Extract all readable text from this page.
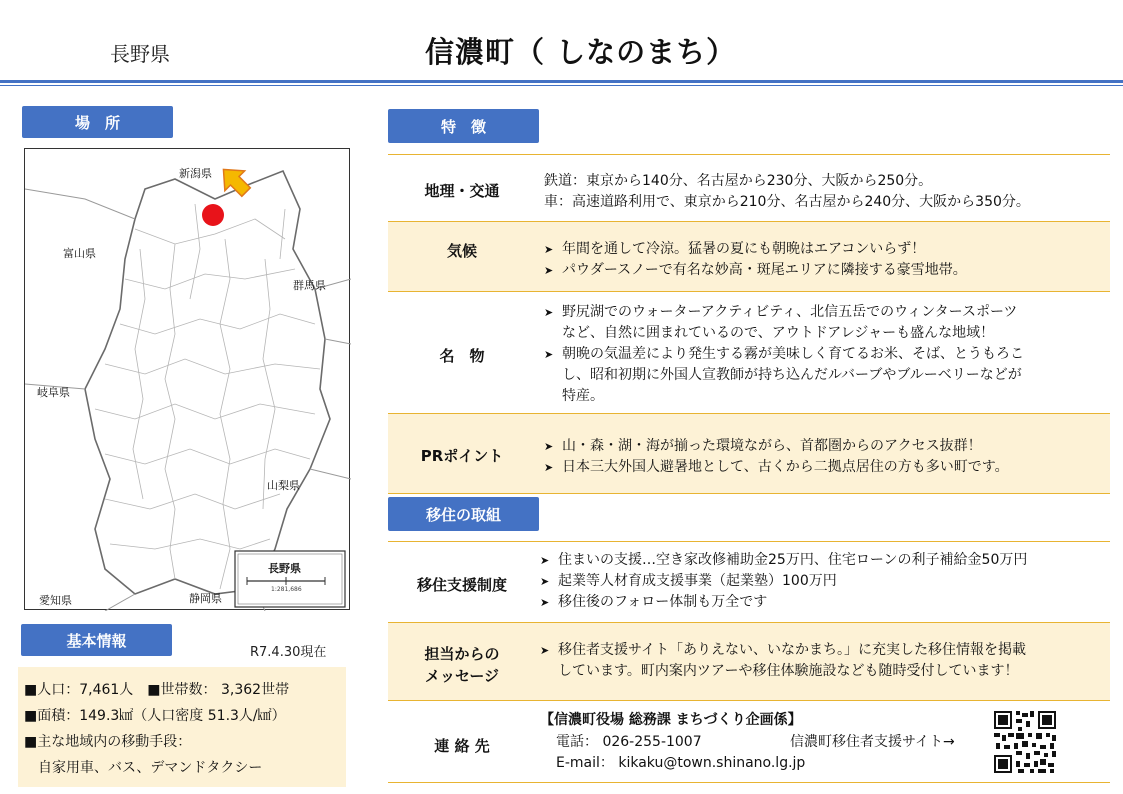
長野県	信濃町（ しなのまち）
場　所
新潟県
富山県
群馬県
岐阜県
山梨県
愛知県	静岡県
長野県
1:281,686
基本情報
R7.4.30現在
■人口：7,461人　■世帯数： 3,362世帯
■面積：149.3㎢（人口密度 51.3人/㎢）
■主な地域内の移動手段：
自家用車、バス、デマンドタクシー
特　徴
地理・交通
鉄道：東京から140分、名古屋から230分、大阪から250分。
車：高速道路利用で、東京から210分、名古屋から240分、大阪から350分。
気候
➤	年間を通して冷涼。猛暑の夏にも朝晩はエアコンいらず！
➤ パウダースノーで有名な妙高・斑尾エリアに隣接する豪雪地帯。
名　物
➤ 野尻湖でのウォーターアクティビティ、北信五岳でのウィンタースポーツ
など、自然に囲まれているので、アウトドアレジャーも盛んな地域！
➤ 朝晩の気温差により発生する霧が美味しく育てるお米、そば、とうもろこ
し、昭和初期に外国人宣教師が持ち込んだルバーブやブルーベリーなどが
特産。
PRポイント
➤ 山・森・湖・海が揃った環境ながら、首都圏からのアクセス抜群！
➤ 日本三大外国人避暑地として、古くから二拠点居住の方も多い町です。
移住の取組
移住支援制度
➤ 住まいの支援…空き家改修補助金25万円、住宅ローンの利子補給金50万円
➤ 起業等人材育成支援事業（起業塾）100万円
➤ 移住後のフォロー体制も万全です
担当からの
メッセージ
➤ 移住者支援サイト「ありえない、いなかまち。」に充実した移住情報を掲載
しています。町内案内ツアーや移住体験施設なども随時受付しています！
連 絡 先
【信濃町役場 総務課 まちづくり企画係】
電話： 026-255-1007	信濃町移住者支援サイト→
E-mail： kikaku@town.shinano.lg.jp
